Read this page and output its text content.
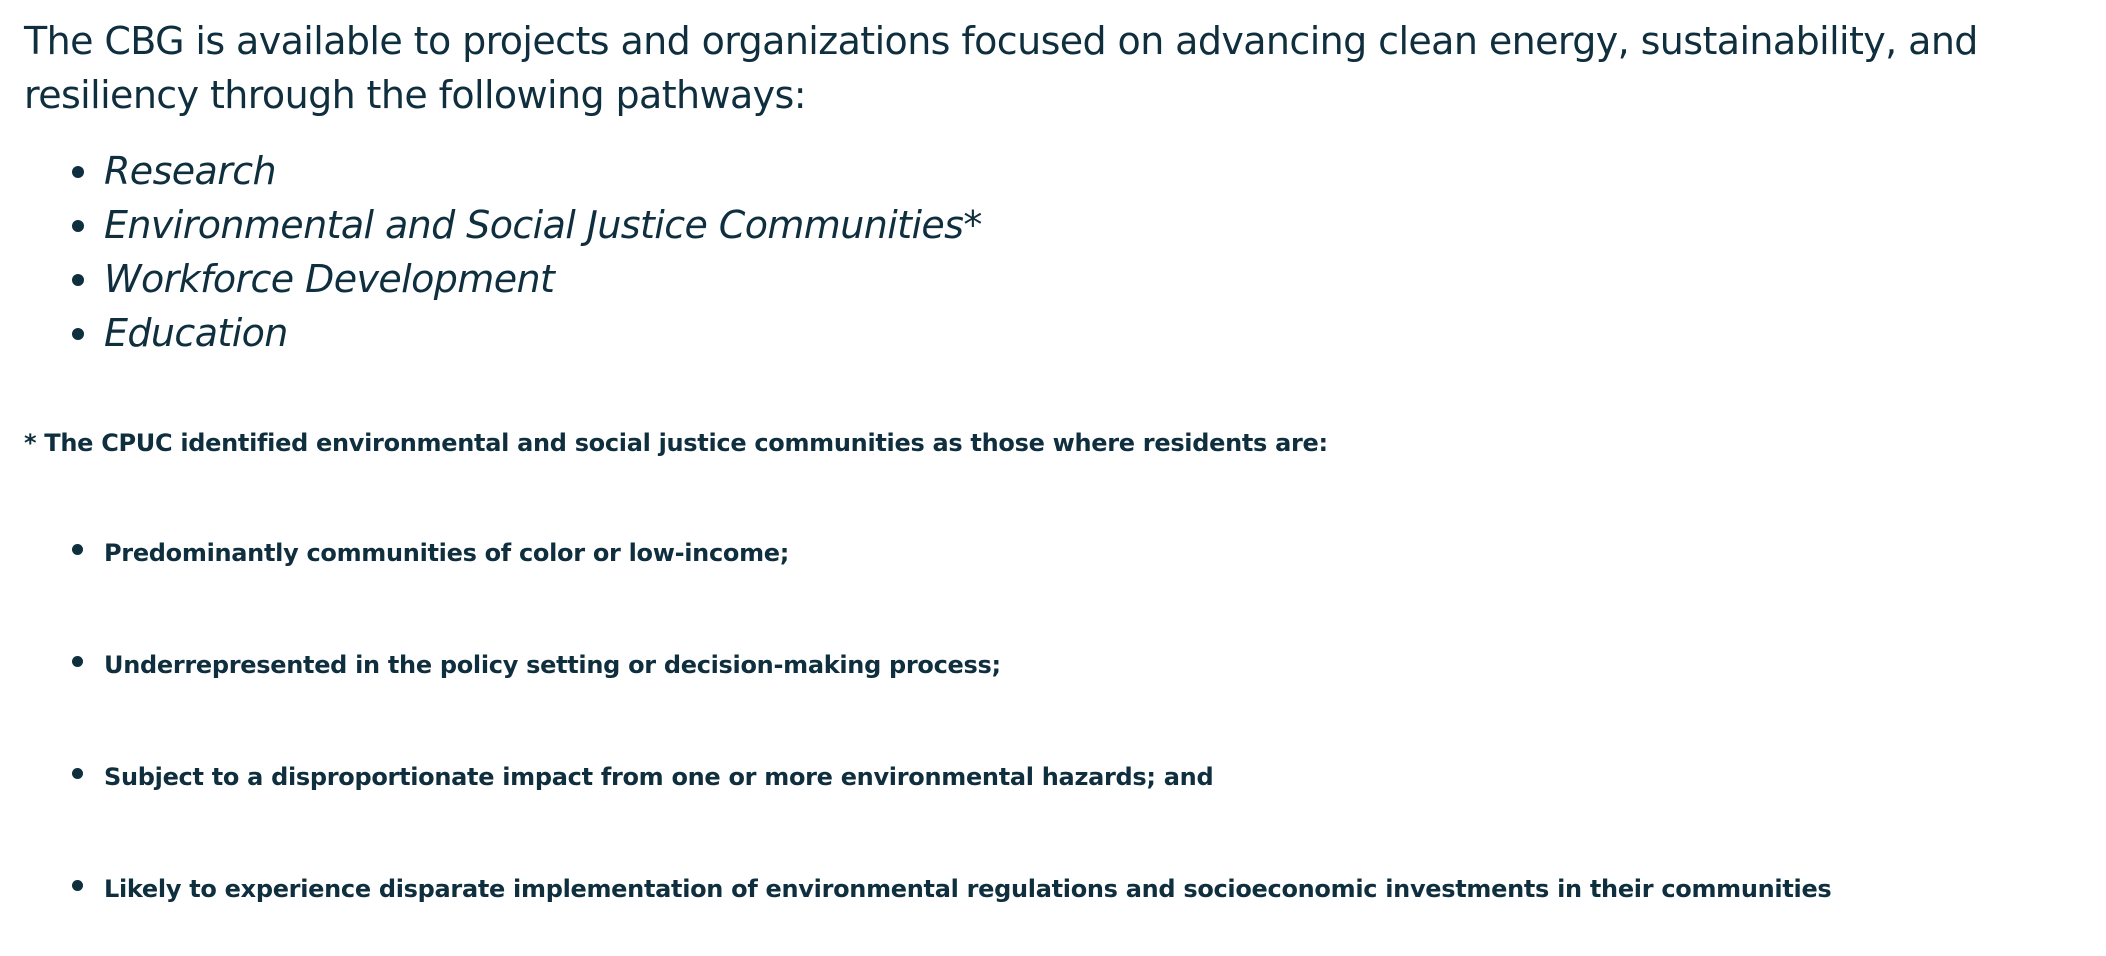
The CBG is available to projects and organizations focused on advancing clean energy, sustainability, and resiliency through the following pathways:

Research
Environmental and Social Justice Communities*
Workforce Development
Education

* The CPUC identified environmental and social justice communities as those where residents are:

Predominantly communities of color or low-income;
Underrepresented in the policy setting or decision-making process;
Subject to a disproportionate impact from one or more environmental hazards; and
Likely to experience disparate implementation of environmental regulations and socioeconomic investments in their communities
